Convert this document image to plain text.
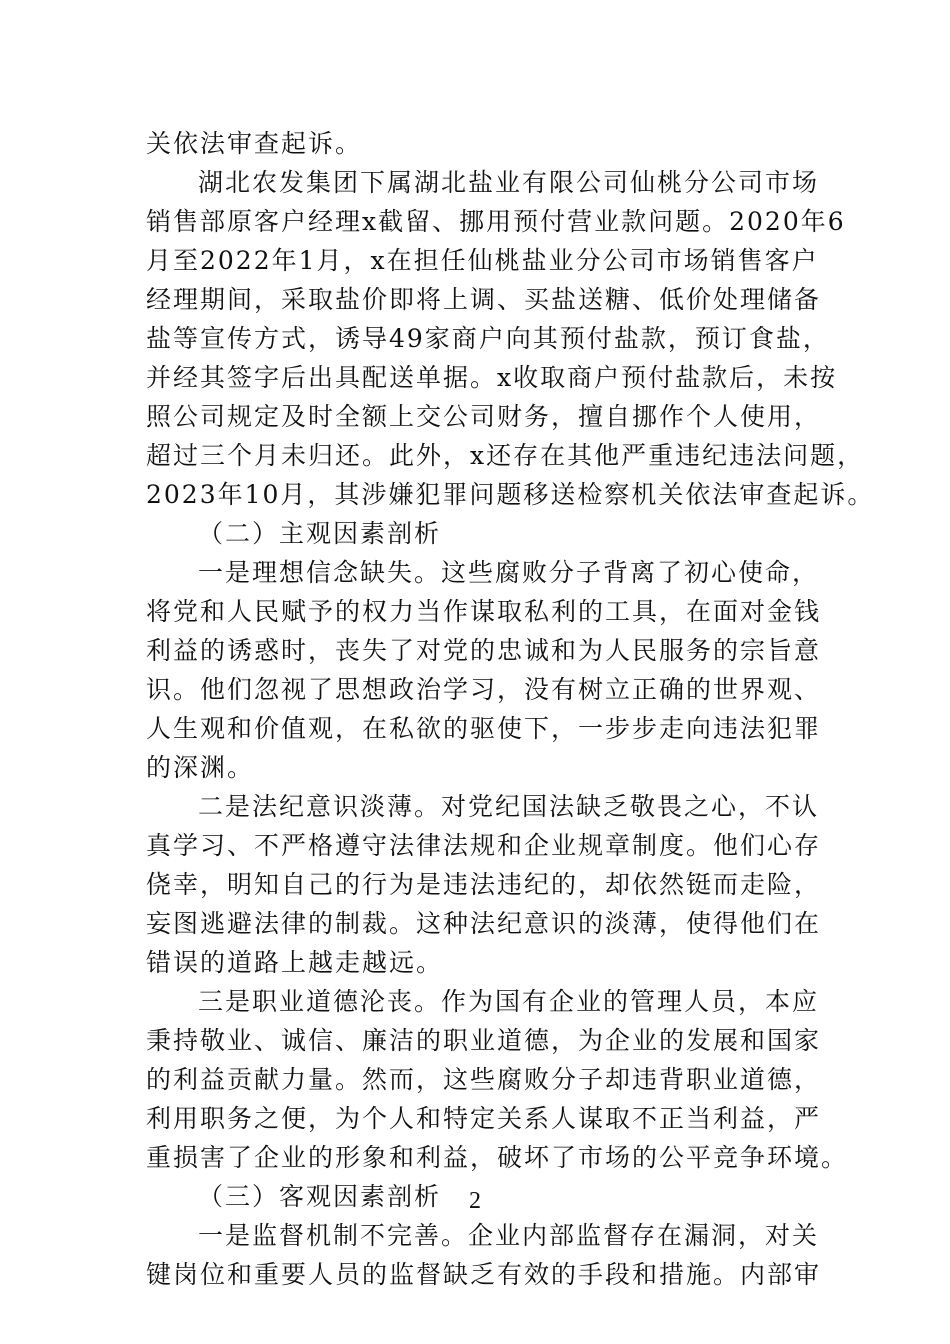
关依法审查起诉。
湖北农发集团下属湖北盐业有限公司仙桃分公司市场
销售部原客户经理x截留、挪用预付营业款问题。2020年6
月至2022年1月，x在担任仙桃盐业分公司市场销售客户
经理期间，采取盐价即将上调、买盐送糖、低价处理储备
盐等宣传方式，诱导49家商户向其预付盐款，预订食盐，
并经其签字后出具配送单据。x收取商户预付盐款后，未按
照公司规定及时全额上交公司财务，擅自挪作个人使用，
超过三个月未归还。此外，x还存在其他严重违纪违法问题，
2023年10月，其涉嫌犯罪问题移送检察机关依法审查起诉。
（二）主观因素剖析
一是理想信念缺失。这些腐败分子背离了初心使命，
将党和人民赋予的权力当作谋取私利的工具，在面对金钱
利益的诱惑时，丧失了对党的忠诚和为人民服务的宗旨意
识。他们忽视了思想政治学习，没有树立正确的世界观、
人生观和价值观，在私欲的驱使下，一步步走向违法犯罪
的深渊。
二是法纪意识淡薄。对党纪国法缺乏敬畏之心，不认
真学习、不严格遵守法律法规和企业规章制度。他们心存
侥幸，明知自己的行为是违法违纪的，却依然铤而走险，
妄图逃避法律的制裁。这种法纪意识的淡薄，使得他们在
错误的道路上越走越远。
三是职业道德沦丧。作为国有企业的管理人员，本应
秉持敬业、诚信、廉洁的职业道德，为企业的发展和国家
的利益贡献力量。然而，这些腐败分子却违背职业道德，
利用职务之便，为个人和特定关系人谋取不正当利益，严
重损害了企业的形象和利益，破坏了市场的公平竞争环境。
（三）客观因素剖析
一是监督机制不完善。企业内部监督存在漏洞，对关
键岗位和重要人员的监督缺乏有效的手段和措施。内部审
2
